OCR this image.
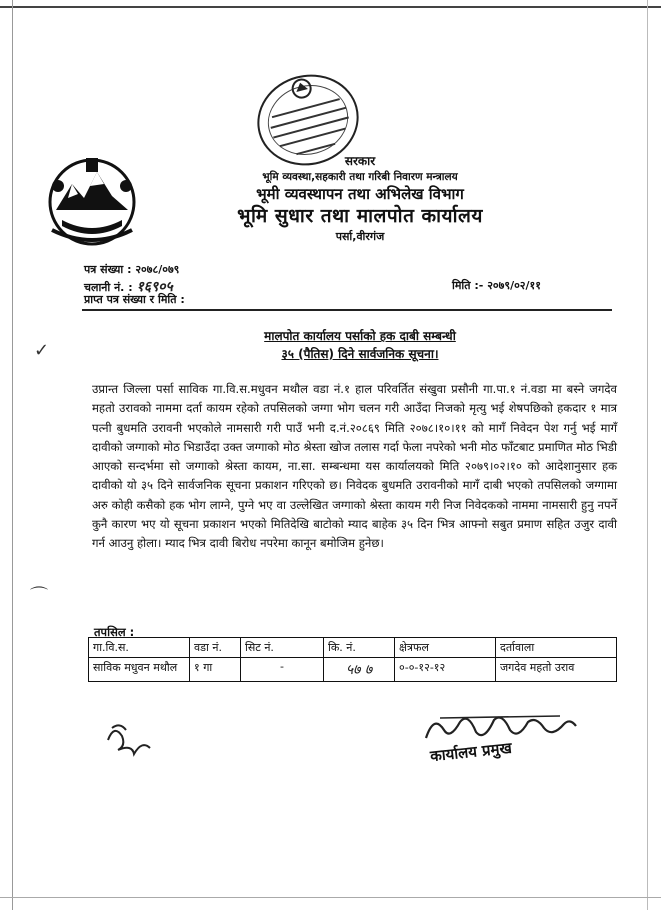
सरकार
भूमि व्यवस्था,सहकारी तथा गरिबी निवारण मन्त्रालय
भूमी व्यवस्थापन तथा अभिलेख विभाग
भूमि सुधार तथा मालपोत कार्यालय
पर्सा,वीरगंज
पत्र संख्या : २०७८/०७९
चलानी नं. : १६९०५
प्राप्त पत्र संख्या र मिति :
मिति :- २०७९/०२/११
मालपोत कार्यालय पर्साको हक दाबी सम्बन्धी
३५ (पैतिस) दिने सार्वजनिक सूचना।
✓
उप्रान्त जिल्ला पर्सा साविक गा.वि.स.मधुवन मथौल वडा नं.१ हाल परिवर्तित संखुवा प्रसौनी गा.पा.१ नं.वडा मा बस्ने जगदेव महतो उरावको नाममा दर्ता कायम रहेको तपसिलको जग्गा भोग चलन गरी आउँदा निजको मृत्यु भई शेषपछिको हकदार १ मात्र पत्नी बुधमति उरावनी भएकोले नामसारी गरी पाउँ भनी द.नं.२०८६९ मिति २०७८।१०।११ को मागँ निवेदन पेश गर्नु भई मागँ दावीको जग्गाको मोठ भिडाउँदा उक्त जग्गाको मोठ श्रेस्ता खोज तलास गर्दा फेला नपरेको भनी मोठ फाँटबाट प्रमाणित मोठ भिडी आएको सन्दर्भमा सो जग्गाको श्रेस्ता कायम, ना.सा. सम्बन्धमा यस कार्यालयको मिति २०७९।०२।१० को आदेशानुसार हक दावीको यो ३५ दिने सार्वजनिक सूचना प्रकाशन गरिएको छ। निवेदक बुधमति उरावनीको मागँ दाबी भएको तपसिलको जग्गामा अरु कोही कसैको हक भोग लाग्ने, पुग्ने भए वा उल्लेखित जग्गाको श्रेस्ता कायम गरी निज निवेदकको नाममा नामसारी हुनु नपर्ने कुनै कारण भए यो सूचना प्रकाशन भएको मितिदेखि बाटोको म्याद बाहेक ३५ दिन भित्र आफ्नो सबुत प्रमाण सहित उजुर दावी गर्न आउनु होला। म्याद भित्र दावी बिरोध नपरेमा कानून बमोजिम हुनेछ।
⌒
तपसिल :
गा.वि.स.	वडा नं.	सिट नं.	कि. नं.	क्षेत्रफल	दर्तावाला
साविक मधुवन मथौल	१ गा	-	५७ ७	०-०-१२-१२	जगदेव महतो उराव
कार्यालय प्रमुख
